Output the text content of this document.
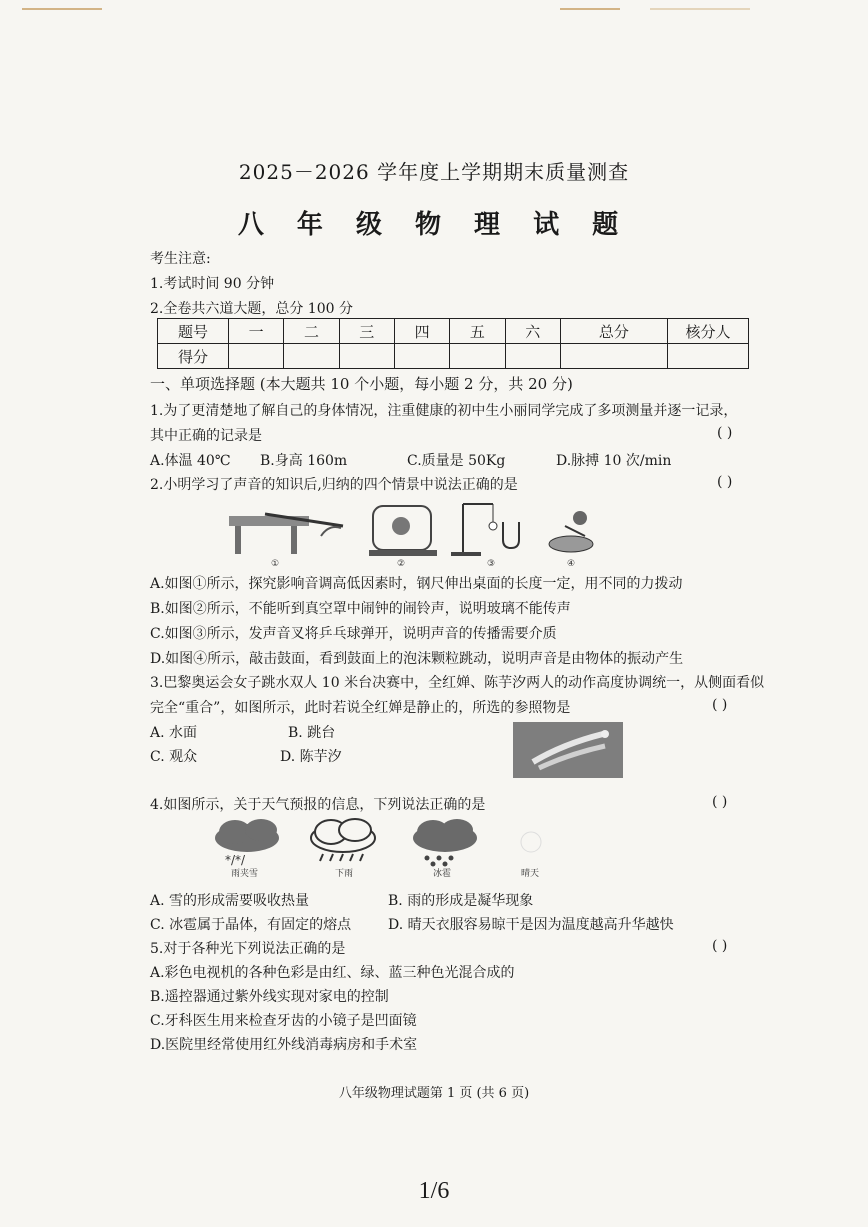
2025－2026 学年度上学期期末质量测查
八 年 级 物 理 试 题
考生注意:
1.考试时间 90 分钟
2.全卷共六道大题，总分 100 分
题号	一	二	三	四	五	六	总分	核分人
得分								
一、单项选择题 (本大题共 10 个小题，每小题 2 分，共 20 分)
1.为了更清楚地了解自己的身体情况，注重健康的初中生小丽同学完成了多项测量并逐一记录，
其中正确的记录是	( )
A.体温 40℃ B.身高 160m	C.质量是 50Kg	D.脉搏 10 次/min
2.小明学习了声音的知识后,归纳的四个情景中说法正确的是	( )
①	②	③	④
A.如图①所示，探究影响音调高低因素时，钢尺伸出桌面的长度一定，用不同的力拨动
B.如图②所示，不能听到真空罩中闹钟的闹铃声，说明玻璃不能传声
C.如图③所示，发声音叉将乒乓球弹开，说明声音的传播需要介质
D.如图④所示，敲击鼓面，看到鼓面上的泡沫颗粒跳动，说明声音是由物体的振动产生
3.巴黎奥运会女子跳水双人 10 米台决赛中，全红婵、陈芋汐两人的动作高度协调统一，从侧面看似
完全“重合”，如图所示，此时若说全红婵是静止的，所选的参照物是	( )
A. 水面	B. 跳台
C. 观众	D. 陈芋汐
4.如图所示，关于天气预报的信息，下列说法正确的是	( )
*/*/
雨夹雪	下雨	冰雹	晴天
A. 雪的形成需要吸收热量	B. 雨的形成是凝华现象
C. 冰雹属于晶体，有固定的熔点	D. 晴天衣服容易晾干是因为温度越高升华越快
5.对于各种光下列说法正确的是	( )
A.彩色电视机的各种色彩是由红、绿、蓝三种色光混合成的
B.遥控器通过紫外线实现对家电的控制
C.牙科医生用来检查牙齿的小镜子是凹面镜
D.医院里经常使用红外线消毒病房和手术室
八年级物理试题第 1 页 (共 6 页)
1/6
